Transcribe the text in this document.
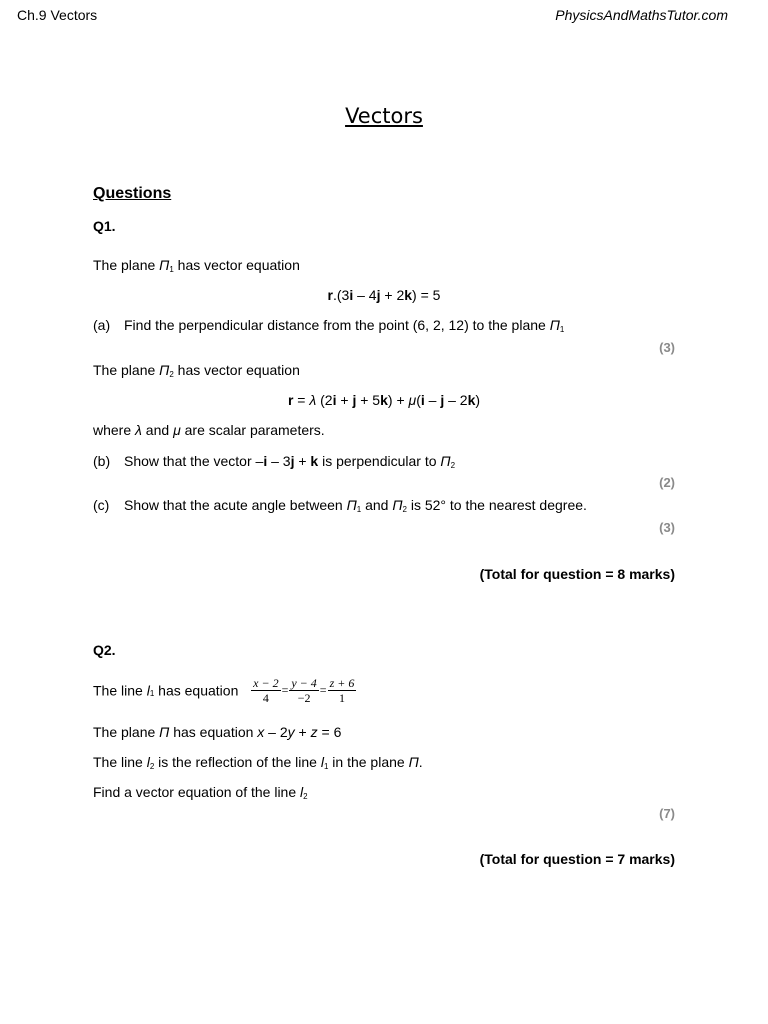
Ch.9 Vectors	PhysicsAndMathsTutor.com
Vectors
Questions
Q1.
The plane $\Pi_1$ has vector equation
r.(3i – 4j + 2k) = 5
(a) Find the perpendicular distance from the point (6, 2, 12) to the plane $\Pi_1$
(3)
The plane $\Pi_2$ has vector equation
r = λ (2i + j + 5k) + μ(i – j – 2k)
where λ and μ are scalar parameters.
(b) Show that the vector –i – 3j + k is perpendicular to $\Pi_2$
(2)
(c) Show that the acute angle between $\Pi_1$ and $\Pi_2$ is 52° to the nearest degree.
(3)
(Total for question = 8 marks)
Q2.
The line $l_1$ has equation $\frac{x - 2}{4} = \frac{y - 4}{-2} = \frac{z + 6}{1}$
The plane Π has equation x – 2y + z = 6
The line $l_2$ is the reflection of the line $l_1$ in the plane Π.
Find a vector equation of the line $l_2$
(7)
(Total for question = 7 marks)
